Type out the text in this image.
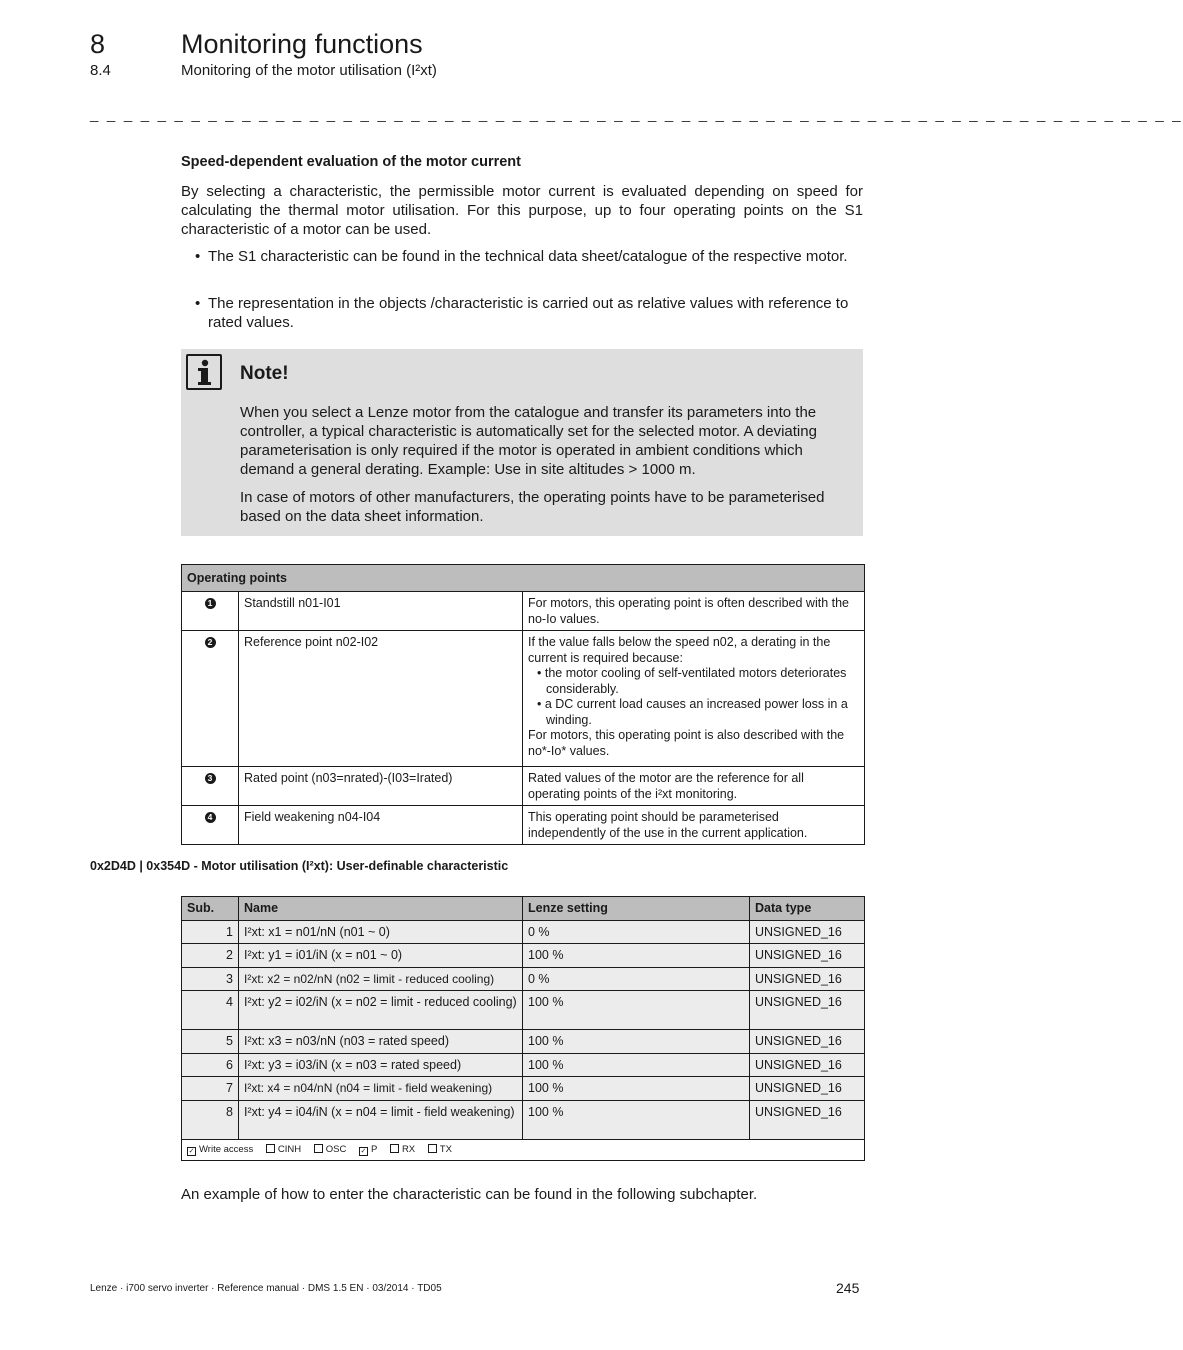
8	Monitoring functions
8.4	Monitoring of the motor utilisation (I²xt)
_ _ _ _ _ _ _ _ _ _ _ _ _ _ _ _ _ _ _ _ _ _ _ _ _ _ _ _ _ _ _ _ _ _ _ _ _ _ _ _ _ _ _ _ _ _ _ _ _ _ _ _ _ _ _ _ _ _ _ _ _ _ _ _ _
Speed-dependent evaluation of the motor current
By selecting a characteristic, the permissible motor current is evaluated depending on speed for calculating the thermal motor utilisation. For this purpose, up to four operating points on the S1 characteristic of a motor can be used.
• The S1 characteristic can be found in the technical data sheet/catalogue of the respective motor.
• The representation in the objects /characteristic is carried out as relative values with reference to rated values.
Note!
When you select a Lenze motor from the catalogue and transfer its parameters into the controller, a typical characteristic is automatically set for the selected motor. A deviating parameterisation is only required if the motor is operated in ambient conditions which demand a general derating. Example: Use in site altitudes > 1000 m.
In case of motors of other manufacturers, the operating points have to be parameterised based on the data sheet information.
Operating points		
1	Standstill n01-I01	For motors, this operating point is often described with the no-Io values.
2	Reference point n02-I02	If the value falls below the speed n02, a derating in the current is required because:
• the motor cooling of self-ventilated motors deteriorates considerably.
• a DC current load causes an increased power loss in a winding.
For motors, this operating point is also described with the no*-Io* values.

3	Rated point (n03=nrated)-(I03=Irated)	Rated values of the motor are the reference for all operating points of the i²xt monitoring.
4	Field weakening n04-I04	This operating point should be parameterised independently of the use in the current application.
0x2D4D | 0x354D - Motor utilisation (I²xt): User-definable characteristic
Sub.	Name	Lenze setting	Data type
1	I²xt: x1 = n01/nN (n01 ~ 0)	0 %	UNSIGNED_16
2	I²xt: y1 = i01/iN (x = n01 ~ 0)	100 %	UNSIGNED_16
3	I²xt: x2 = n02/nN (n02 = limit - reduced cooling)	0 %	UNSIGNED_16
4	I²xt: y2 = i02/iN (x = n02 = limit - reduced cooling)	100 %	UNSIGNED_16
5	I²xt: x3 = n03/nN (n03 = rated speed)	100 %	UNSIGNED_16
6	I²xt: y3 = i03/iN (x = n03 = rated speed)	100 %	UNSIGNED_16
7	I²xt: x4 = n04/nN (n04 = limit - field weakening)	100 %	UNSIGNED_16
8	I²xt: y4 = i04/iN (x = n04 = limit - field weakening)	100 %	UNSIGNED_16
✓ Write access CINH OSC ✓ P RX TX			
An example of how to enter the characteristic can be found in the following subchapter.
Lenze · i700 servo inverter · Reference manual · DMS 1.5 EN · 03/2014 · TD05	245
